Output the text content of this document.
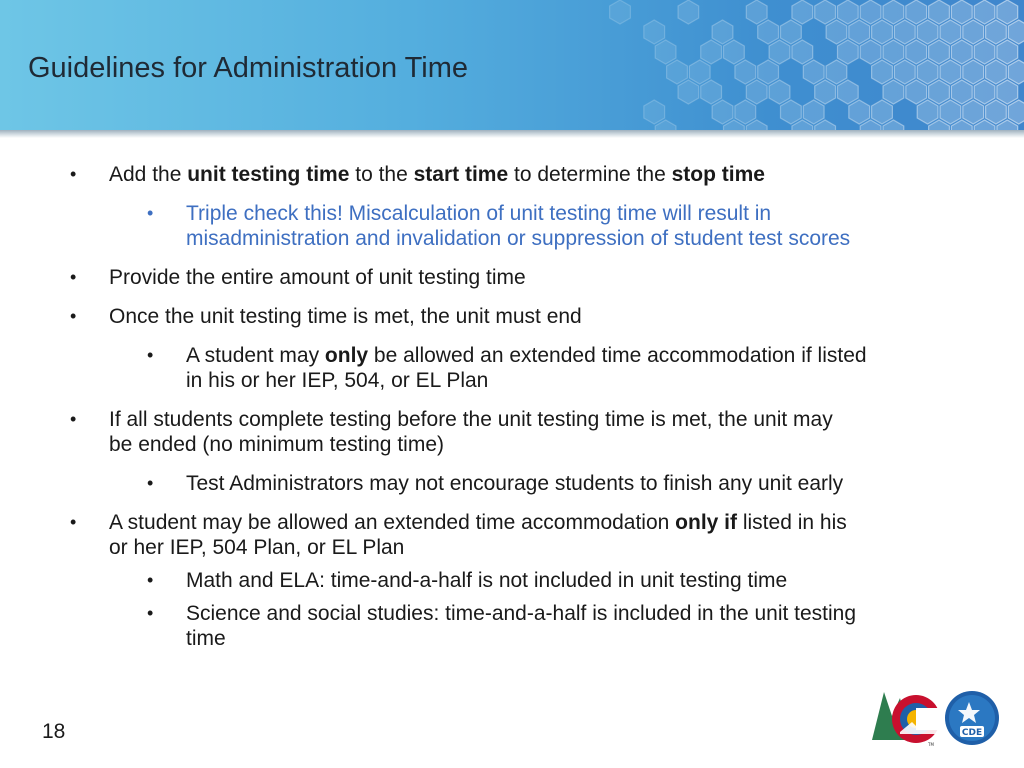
Guidelines for Administration Time
• Add the unit testing time to the start time to determine the stop time
• Triple check this! Miscalculation of unit testing time will result in
misadministration and invalidation or suppression of student test scores
• Provide the entire amount of unit testing time
• Once the unit testing time is met, the unit must end
• A student may only be allowed an extended time accommodation if listed
in his or her IEP, 504, or EL Plan
• If all students complete testing before the unit testing time is met, the unit may
be ended (no minimum testing time)
• Test Administrators may not encourage students to finish any unit early
• A student may be allowed an extended time accommodation only if listed in his
or her IEP, 504 Plan, or EL Plan
• Math and ELA: time-and-a-half is not included in unit testing time
• Science and social studies: time-and-a-half is included in the unit testing
time
18
TM
CDE
